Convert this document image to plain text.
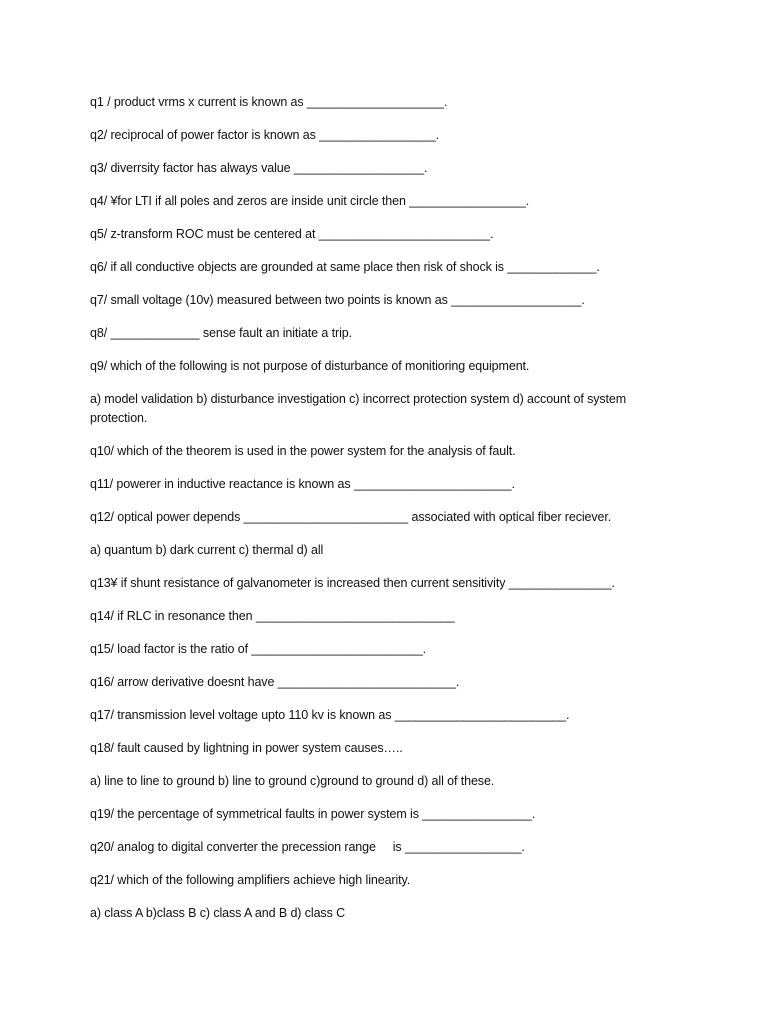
q1 / product vrms x current is known as ____________________.

q2/ reciprocal of power factor is known as _________________.

q3/ diverrsity factor has always value ___________________.

q4/ ¥for LTI if all poles and zeros are inside unit circle then _________________.

q5/ z-transform ROC must be centered at _________________________.

q6/ if all conductive objects are grounded at same place then risk of shock is _____________.

q7/ small voltage (10v) measured between two points is known as ___________________.

q8/ _____________ sense fault an initiate a trip.

q9/ which of the following is not purpose of disturbance of monitioring equipment.

a) model validation b) disturbance investigation c) incorrect protection system d) account of system protection.

q10/ which of the theorem is used in the power system for the analysis of fault.

q11/ powerer in inductive reactance is known as _______________________.

q12/ optical power depends ________________________ associated with optical fiber reciever.

a) quantum b) dark current c) thermal d) all

q13¥ if shunt resistance of galvanometer is increased then current sensitivity _______________.

q14/ if RLC in resonance then _____________________________

q15/ load factor is the ratio of _________________________.

q16/ arrow derivative doesnt have __________________________.

q17/ transmission level voltage upto 110 kv is known as _________________________.

q18/ fault caused by lightning in power system causes…..

a) line to line to ground b) line to ground c)ground to ground d) all of these.

q19/ the percentage of symmetrical faults in power system is ________________.

q20/ analog to digital converter the precession range     is _________________.

q21/ which of the following amplifiers achieve high linearity.

a) class A b)class B c) class A and B d) class C
